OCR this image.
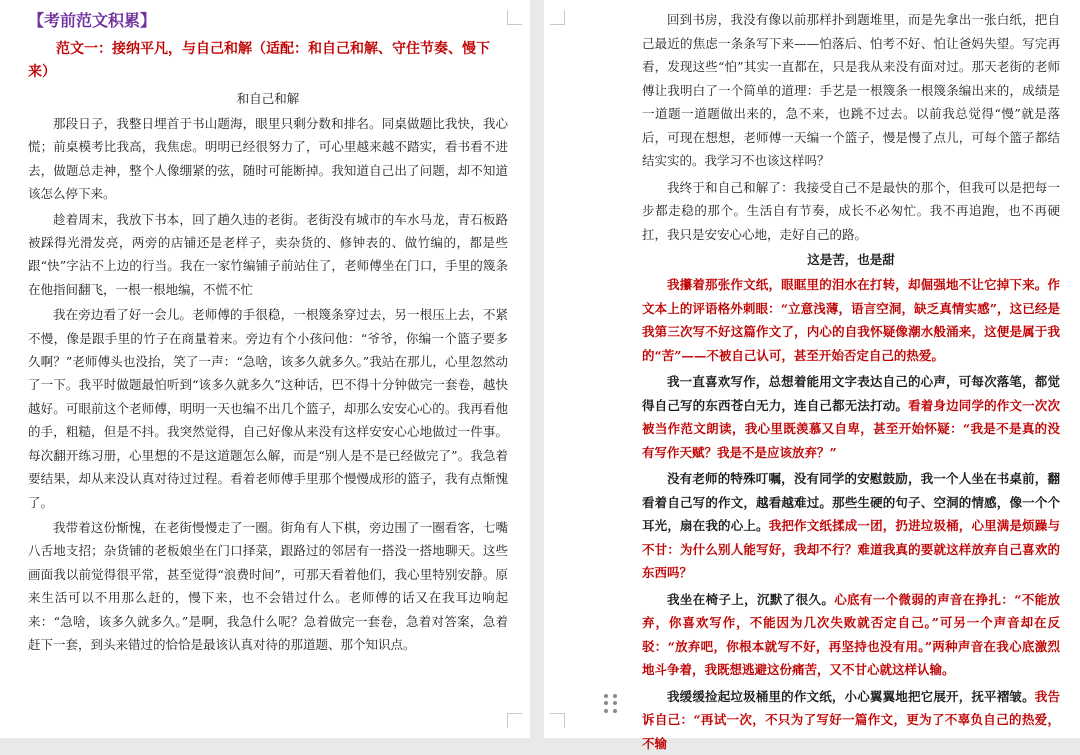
【考前范文积累】
范文一：接纳平凡，与自己和解（适配：和自己和解、守住节奏、慢下来）
和自己和解

那段日子，我整日埋首于书山题海，眼里只剩分数和排名。同桌做题比我快，我心慌；前桌模考比我高，我焦虑。明明已经很努力了，可心里越来越不踏实，看书看不进去，做题总走神，整个人像绷紧的弦，随时可能断掉。我知道自己出了问题，却不知道该怎么停下来。

趁着周末，我放下书本，回了趟久违的老街。老街没有城市的车水马龙，青石板路被踩得光滑发亮，两旁的店铺还是老样子，卖杂货的、修钟表的、做竹编的，都是些跟“快”字沾不上边的行当。我在一家竹编铺子前站住了，老师傅坐在门口，手里的篾条在他指间翻飞，一根一根地编，不慌不忙

我在旁边看了好一会儿。老师傅的手很稳，一根篾条穿过去，另一根压上去，不紧不慢，像是跟手里的竹子在商量着来。旁边有个小孩问他：“爷爷，你编一个篮子要多久啊？”老师傅头也没抬，笑了一声：“急啥，该多久就多久。”我站在那儿，心里忽然动了一下。我平时做题最怕听到“该多久就多久”这种话，巴不得十分钟做完一套卷，越快越好。可眼前这个老师傅，明明一天也编不出几个篮子，却那么安安心心的。我再看他的手，粗糙，但是不抖。我突然觉得，自己好像从来没有这样安安心心地做过一件事。每次翻开练习册，心里想的不是这道题怎么解，而是“别人是不是已经做完了”。我急着要结果，却从来没认真对待过过程。看着老师傅手里那个慢慢成形的篮子，我有点惭愧了。

我带着这份惭愧，在老街慢慢走了一圈。街角有人下棋，旁边围了一圈看客，七嘴八舌地支招；杂货铺的老板娘坐在门口择菜，跟路过的邻居有一搭没一搭地聊天。这些画面我以前觉得很平常，甚至觉得“浪费时间”，可那天看着他们，我心里特别安静。原来生活可以不用那么赶的，慢下来，也不会错过什么。老师傅的话又在我耳边响起来：“急啥，该多久就多久。”是啊，我急什么呢？急着做完一套卷，急着对答案，急着赶下一套，到头来错过的恰恰是最该认真对待的那道题、那个知识点。

回到书房，我没有像以前那样扑到题堆里，而是先拿出一张白纸，把自己最近的焦虑一条条写下来——怕落后、怕考不好、怕让爸妈失望。写完再看，发现这些“怕”其实一直都在，只是我从来没有面对过。那天老街的老师傅让我明白了一个简单的道理：手艺是一根篾条一根篾条编出来的，成绩是一道题一道题做出来的，急不来，也跳不过去。以前我总觉得“慢”就是落后，可现在想想，老师傅一天编一个篮子，慢是慢了点儿，可每个篮子都结结实实的。我学习不也该这样吗？

我终于和自己和解了：我接受自己不是最快的那个，但我可以是把每一步都走稳的那个。生活自有节奏，成长不必匆忙。我不再追跑，也不再硬扛，我只是安安心心地，走好自己的路。

这是苦，也是甜

我攥着那张作文纸，眼眶里的泪水在打转，却倔强地不让它掉下来。作文本上的评语格外刺眼：“立意浅薄，语言空洞，缺乏真情实感”，这已经是我第三次写不好这篇作文了，内心的自我怀疑像潮水般涌来，这便是属于我的“苦”——不被自己认可，甚至开始否定自己的热爱。

我一直喜欢写作，总想着能用文字表达自己的心声，可每次落笔，都觉得自己写的东西苍白无力，连自己都无法打动。看着身边同学的作文一次次被当作范文朗读，我心里既羡慕又自卑，甚至开始怀疑：“我是不是真的没有写作天赋？我是不是应该放弃？”

没有老师的特殊叮嘱，没有同学的安慰鼓励，我一个人坐在书桌前，翻看着自己写的作文，越看越难过。那些生硬的句子、空洞的情感，像一个个耳光，扇在我的心上。我把作文纸揉成一团，扔进垃圾桶，心里满是烦躁与不甘：为什么别人能写好，我却不行？难道我真的要就这样放弃自己喜欢的东西吗？

我坐在椅子上，沉默了很久。心底有一个微弱的声音在挣扎：“不能放弃，你喜欢写作，不能因为几次失败就否定自己。”可另一个声音却在反驳：“放弃吧，你根本就写不好，再坚持也没有用。”两种声音在我心底激烈地斗争着，我既想逃避这份痛苦，又不甘心就这样认输。

我缓缓捡起垃圾桶里的作文纸，小心翼翼地把它展开，抚平褶皱。我告诉自己：“再试一次，不只为了写好一篇作文，更为了不辜负自己的热爱，不输
